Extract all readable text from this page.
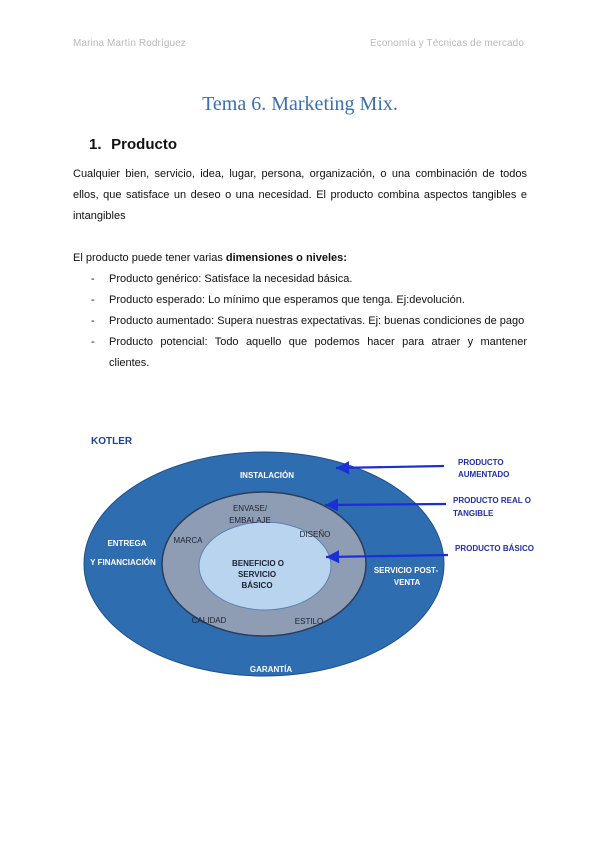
Marina Martín Rodríguez	Economía y Técnicas de mercado
Tema 6. Marketing Mix.
1. Producto
Cualquier bien, servicio, idea, lugar, persona, organización, o una combinación de todos ellos, que satisface un deseo o una necesidad. El producto combina aspectos tangibles e intangibles
El producto puede tener varias dimensiones o niveles:
- Producto genérico: Satisface la necesidad básica.
- Producto esperado: Lo mínimo que esperamos que tenga. Ej:devolución.
- Producto aumentado: Supera nuestras expectativas. Ej: buenas condiciones de pago
- Producto potencial: Todo aquello que podemos hacer para atraer y mantener clientes.
KOTLER
INSTALACIÓN
ENTREGA
Y FINANCIACIÓN
SERVICIO POST-
VENTA
GARANTÍA
ENVASE/
EMBALAJE
MARCA
DISEÑO
CALIDAD	ESTILO
BENEFICIO O
SERVICIO
BÁSICO
PRODUCTO
AUMENTADO
PRODUCTO REAL O
TANGIBLE
PRODUCTO BÁSICO
